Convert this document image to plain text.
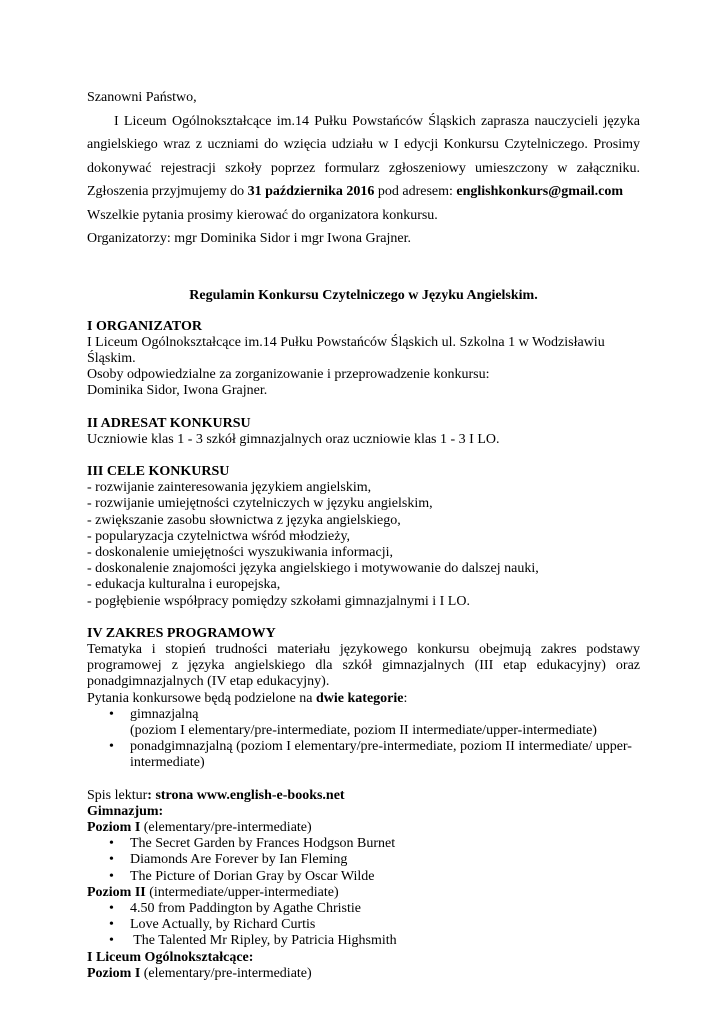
Szanowni Państwo,

I Liceum Ogólnokształcące im.14 Pułku Powstańców Śląskich zaprasza nauczycieli języka angielskiego wraz z uczniami do wzięcia udziału w I edycji Konkursu Czytelniczego. Prosimy dokonywać rejestracji szkoły poprzez formularz zgłoszeniowy umieszczony w załączniku. Zgłoszenia przyjmujemy do 31 października 2016 pod adresem: englishkonkurs@gmail.com

Wszelkie pytania prosimy kierować do organizatora konkursu.

Organizatorzy: mgr Dominika Sidor i mgr Iwona Grajner.

Regulamin Konkursu Czytelniczego w Języku Angielskim.

I ORGANIZATOR
I Liceum Ogólnokształcące im.14 Pułku Powstańców Śląskich ul. Szkolna 1 w Wodzisławiu Śląskim.
Osoby odpowiedzialne za zorganizowanie i przeprowadzenie konkursu:
Dominika Sidor, Iwona Grajner.
II ADRESAT KONKURSU
Uczniowie klas 1 - 3 szkół gimnazjalnych oraz uczniowie klas 1 - 3 I LO.
III CELE KONKURSU
- rozwijanie zainteresowania językiem angielskim,
- rozwijanie umiejętności czytelniczych w języku angielskim,
- zwiększanie zasobu słownictwa z języka angielskiego,
- popularyzacja czytelnictwa wśród młodzieży,
- doskonalenie umiejętności wyszukiwania informacji,
- doskonalenie znajomości języka angielskiego i motywowanie do dalszej nauki,
- edukacja kulturalna i europejska,
- pogłębienie współpracy pomiędzy szkołami gimnazjalnymi i I LO.
IV ZAKRES PROGRAMOWY
Tematyka i stopień trudności materiału językowego konkursu obejmują zakres podstawy programowej z języka angielskiego dla szkół gimnazjalnych (III etap edukacyjny) oraz ponadgimnazjalnych (IV etap edukacyjny).
Pytania konkursowe będą podzielone na dwie kategorie:
• gimnazjalną
(poziom I elementary/pre-intermediate, poziom II intermediate/upper-intermediate)
• ponadgimnazjalną (poziom I elementary/pre-intermediate, poziom II intermediate/ upper-intermediate)
Spis lektur: strona www.english-e-books.net
Gimnazjum:
Poziom I (elementary/pre-intermediate)
• The Secret Garden by Frances Hodgson Burnet
• Diamonds Are Forever by Ian Fleming
• The Picture of Dorian Gray by Oscar Wilde
Poziom II (intermediate/upper-intermediate)
• 4.50 from Paddington by Agathe Christie
• Love Actually, by Richard Curtis
• The Talented Mr Ripley, by Patricia Highsmith
I Liceum Ogólnokształcące:
Poziom I (elementary/pre-intermediate)
